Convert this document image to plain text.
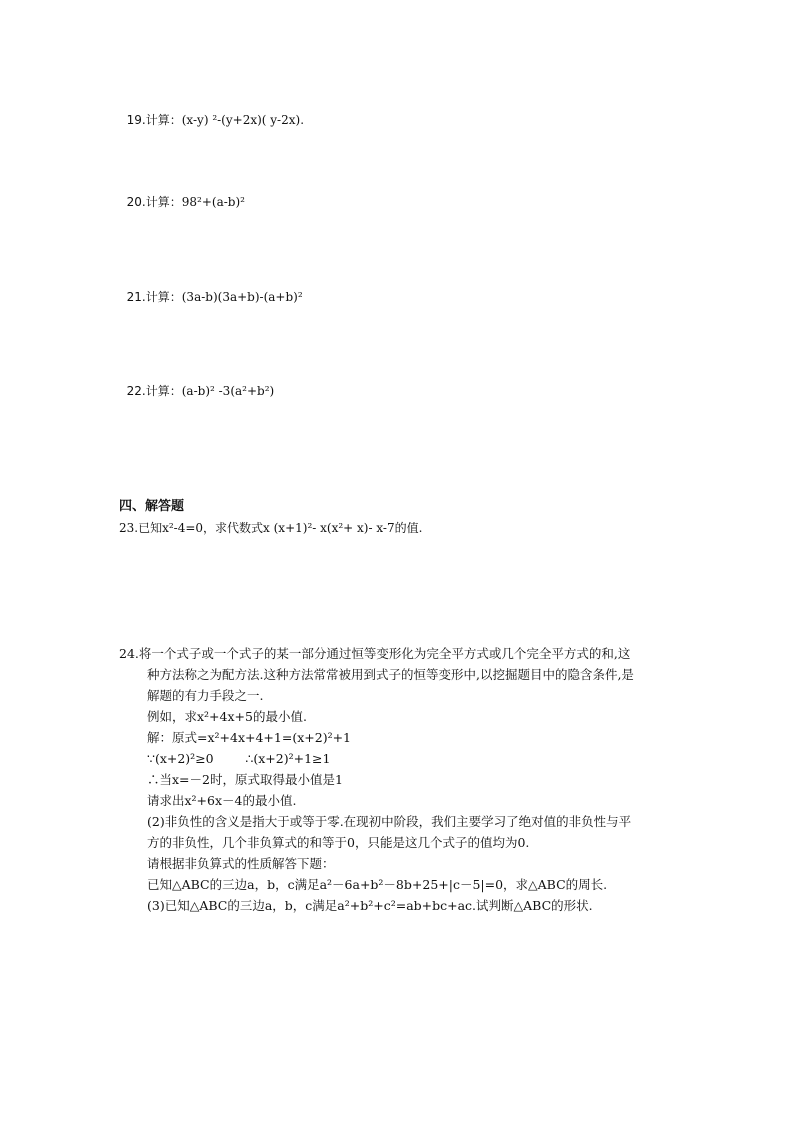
19.计算：(x-y) ²-(y+2x)( y-2x).

20.计算：98²+(a-b)²

21.计算：(3a-b)(3a+b)-(a+b)²

22.计算：(a-b)² -3(a²+b²)

四、解答题
23.已知x²-4=0，求代数式x (x+1)²- x(x²+ x)- x-7的值.
24.将一个式子或一个式子的某一部分通过恒等变形化为完全平方式或几个完全平方式的和,这
种方法称之为配方法.这种方法常常被用到式子的恒等变形中,以挖掘题目中的隐含条件,是
解题的有力手段之一.
例如，求x²+4x+5的最小值.
解：原式=x²+4x+4+1=(x+2)²+1
∵(x+2)²≥0        ∴(x+2)²+1≥1
∴当x=－2时，原式取得最小值是1
请求出x²+6x－4的最小值.
(2)非负性的含义是指大于或等于零.在现初中阶段，我们主要学习了绝对值的非负性与平
方的非负性，几个非负算式的和等于0，只能是这几个式子的值均为0.
请根据非负算式的性质解答下题：
已知△ABC的三边a，b，c满足a²－6a+b²－8b+25+|c－5|=0，求△ABC的周长.
(3)已知△ABC的三边a，b，c满足a²+b²+c²=ab+bc+ac.试判断△ABC的形状.
